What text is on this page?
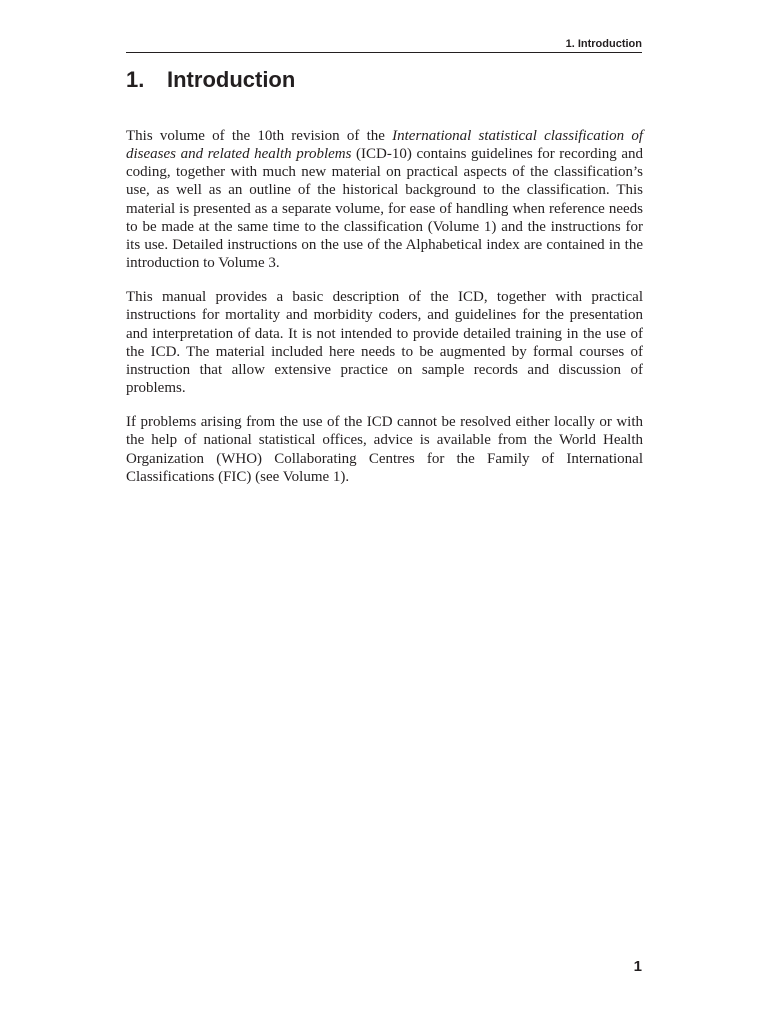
1. Introduction
1. Introduction

This volume of the 10th revision of the International statistical classification of diseases and related health problems (ICD-10) contains guidelines for recording and coding, together with much new material on practical aspects of the classification’s use, as well as an outline of the historical background to the classification. This material is presented as a separate volume, for ease of handling when reference needs to be made at the same time to the classification (Volume 1) and the instructions for its use. Detailed instructions on the use of the Alphabetical index are contained in the introduction to Volume 3.

This manual provides a basic description of the ICD, together with practical instructions for mortality and morbidity coders, and guidelines for the presentation and interpretation of data. It is not intended to provide detailed training in the use of the ICD. The material included here needs to be augmented by formal courses of instruction that allow extensive practice on sample records and discussion of problems.

If problems arising from the use of the ICD cannot be resolved either locally or with the help of national statistical offices, advice is available from the World Health Organization (WHO) Collaborating Centres for the Family of International Classifications (FIC) (see Volume 1).

1
